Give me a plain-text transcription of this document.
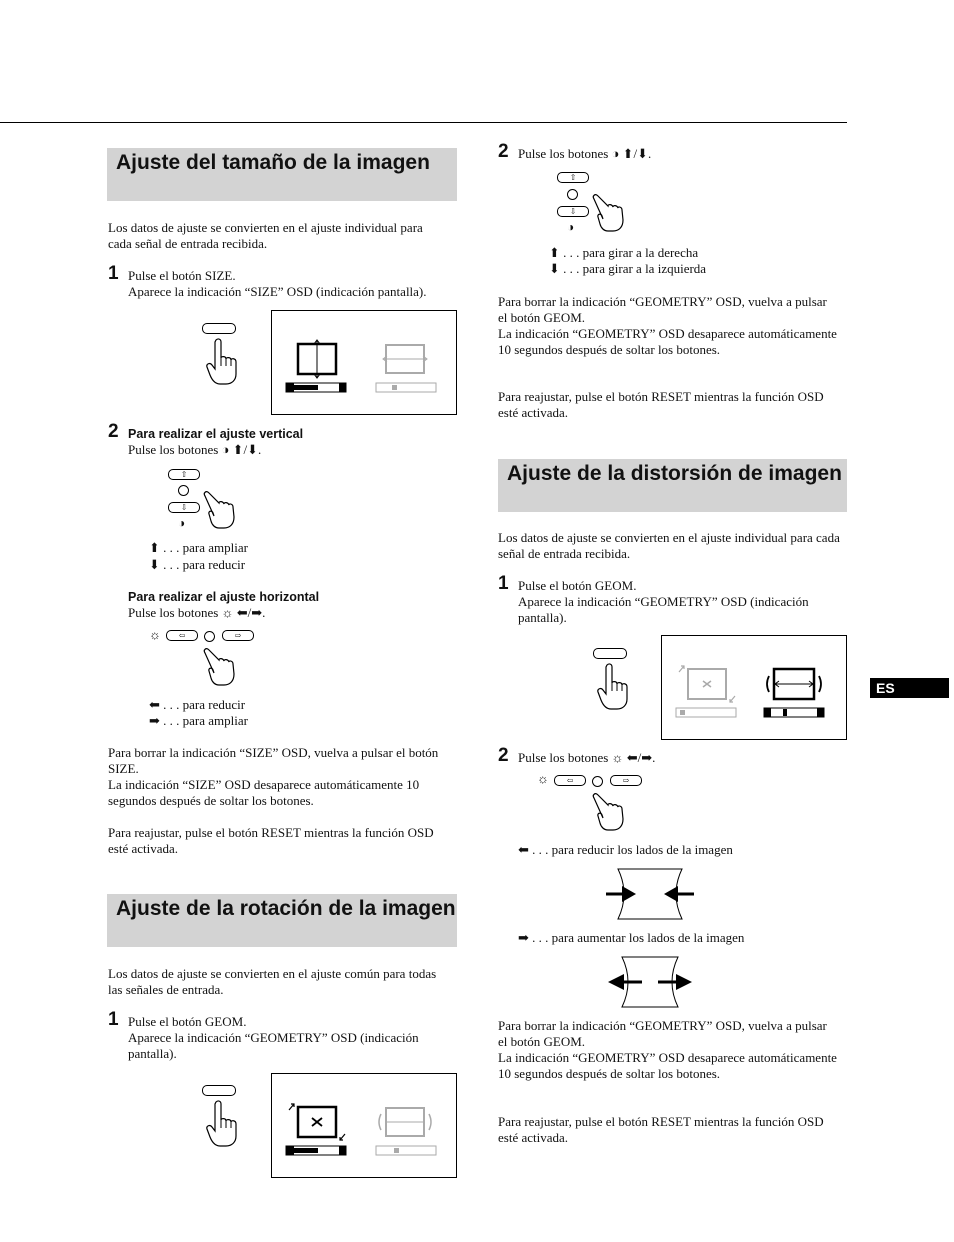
Ajuste del tamaño de la imagen
Los datos de ajuste se convierten en el ajuste individual para cada señal de entrada recibida.
1 Pulse el botón SIZE.

Aparece la indicación “SIZE” OSD (indicación pantalla).

2 Para realizar el ajuste vertical
Pulse los botones ◑ ⬆/⬇.
⇧
⇩
◑
⬆ . . . para ampliar
⬇ . . . para reducir
Para realizar el ajuste horizontal
Pulse los botones ☼ ⬅/➡.
☼	⇦	⇨
⬅ . . . para reducir
➡ . . . para ampliar

Para borrar la indicación “SIZE” OSD, vuelva a pulsar el botón SIZE.

La indicación “SIZE” OSD desaparece automáticamente 10 segundos después de soltar los botones.

Para reajustar, pulse el botón RESET mientras la función OSD esté activada.
Ajuste de la rotación de la imagen
Los datos de ajuste se convierten en el ajuste común para todas las señales de entrada.
1 Pulse el botón GEOM.

Aparece la indicación “GEOMETRY” OSD (indicación pantalla).

2 Pulse los botones ◑ ⬆/⬇.
⇧
⇩
◑
⬆ . . . para girar a la derecha
⬇ . . . para girar a la izquierda

Para borrar la indicación “GEOMETRY” OSD, vuelva a pulsar el botón GEOM.

La indicación “GEOMETRY” OSD desaparece automáticamente 10 segundos después de soltar los botones.

Para reajustar, pulse el botón RESET mientras la función OSD esté activada.
Ajuste de la distorsión de imagen
Los datos de ajuste se convierten en el ajuste individual para cada señal de entrada recibida.
1 Pulse el botón GEOM.

Aparece la indicación “GEOMETRY” OSD (indicación pantalla).

ES
2 Pulse los botones ☼ ⬅/➡.
☼	⇦	⇨
⬅ . . . para reducir los lados de la imagen
➡ . . . para aumentar los lados de la imagen

Para borrar la indicación “GEOMETRY” OSD, vuelva a pulsar el botón GEOM.

La indicación “GEOMETRY” OSD desaparece automáticamente 10 segundos después de soltar los botones.

Para reajustar, pulse el botón RESET mientras la función OSD esté activada.
